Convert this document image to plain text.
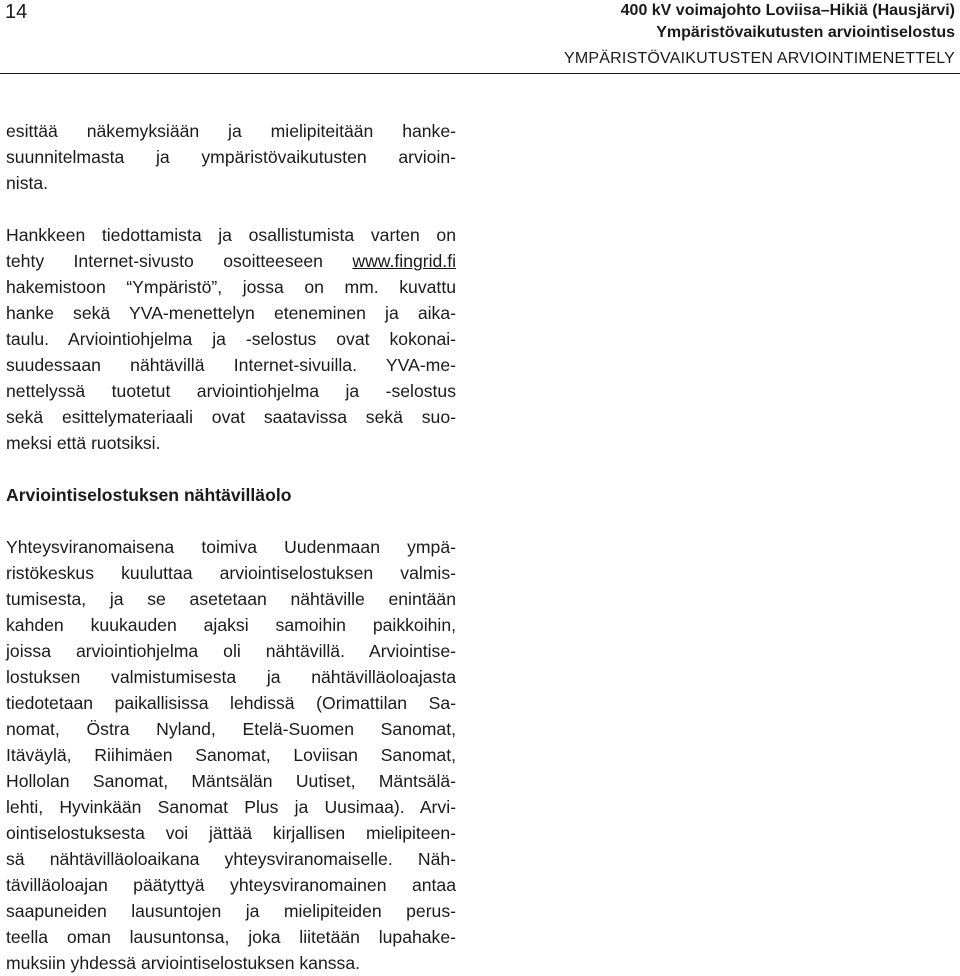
14	400 kV voimajohto Loviisa–Hikiä (Hausjärvi)
Ympäristövaikutusten arviointiselostus
YMPÄRISTÖVAIKUTUSTEN ARVIOINTIMENETTELY

esittää näkemyksiään ja mielipiteitään hanke-
suunnitelmasta ja ympäristövaikutusten arvioin-
nista.

Hankkeen tiedottamista ja osallistumista varten on
tehty Internet-sivusto osoitteeseen www.fingrid.fi
hakemistoon “Ympäristö”, jossa on mm. kuvattu
hanke sekä YVA-menettelyn eteneminen ja aika-
taulu. Arviointiohjelma ja -selostus ovat kokonai-
suudessaan nähtävillä Internet-sivuilla. YVA-me-
nettelyssä tuotetut arviointiohjelma ja -selostus
sekä esittelymateriaali ovat saatavissa sekä suo-
meksi että ruotsiksi.

Arviointiselostuksen nähtävilläolo

Yhteysviranomaisena toimiva Uudenmaan ympä-
ristökeskus kuuluttaa arviointiselostuksen valmis-
tumisesta, ja se asetetaan nähtäville enintään
kahden kuukauden ajaksi samoihin paikkoihin,
joissa arviointiohjelma oli nähtävillä. Arviointise-
lostuksen valmistumisesta ja nähtävilläoloajasta
tiedotetaan paikallisissa lehdissä (Orimattilan Sa-
nomat, Östra Nyland, Etelä-Suomen Sanomat,
Itäväylä, Riihimäen Sanomat, Loviisan Sanomat,
Hollolan Sanomat, Mäntsälän Uutiset, Mäntsälä-
lehti, Hyvinkään Sanomat Plus ja Uusimaa). Arvi-
ointiselostuksesta voi jättää kirjallisen mielipiteen-
sä nähtävilläoloaikana yhteysviranomaiselle. Näh-
tävilläoloajan päätyttyä yhteysviranomainen antaa
saapuneiden lausuntojen ja mielipiteiden perus-
teella oman lausuntonsa, joka liitetään lupahake-
muksiin yhdessä arviointiselostuksen kanssa.
